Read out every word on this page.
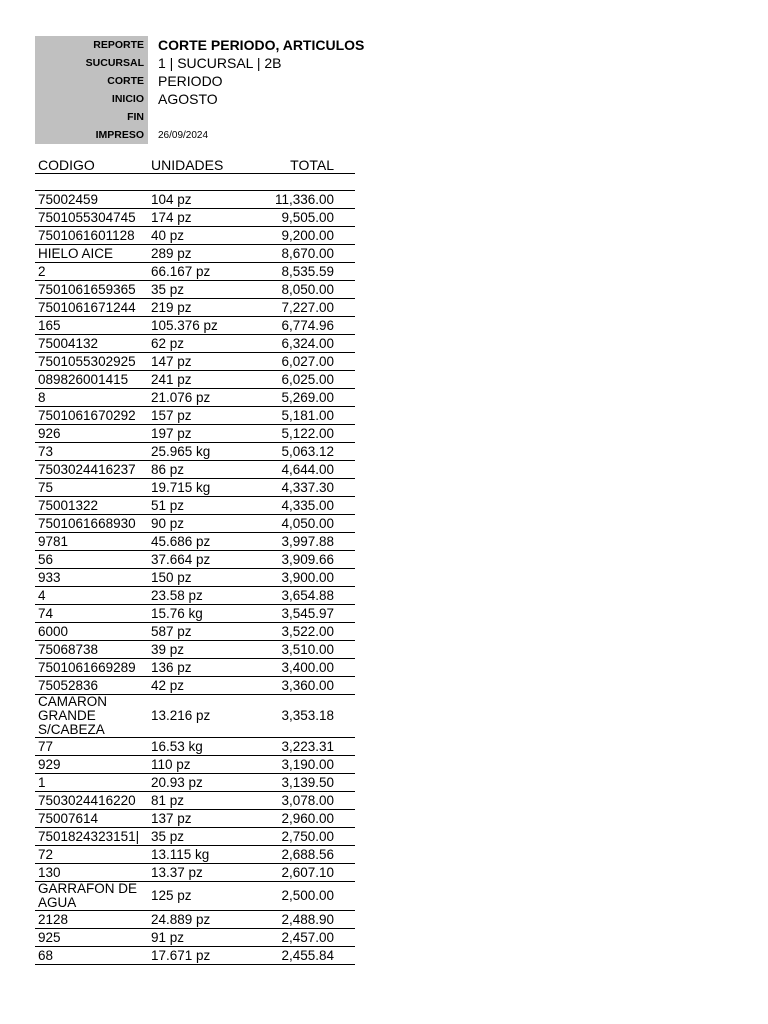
REPORTE	CORTE PERIODO, ARTICULOS
SUCURSAL	1 | SUCURSAL | 2B
CORTE	PERIODO
INICIO	AGOSTO
FIN
IMPRESO	26/09/2024
CODIGO	UNIDADES	TOTAL
75002459	104 pz	11,336.00
7501055304745	174 pz	9,505.00
7501061601128	40 pz	9,200.00
HIELO AICE	289 pz	8,670.00
2	66.167 pz	8,535.59
7501061659365	35 pz	8,050.00
7501061671244	219 pz	7,227.00
165	105.376 pz	6,774.96
75004132	62 pz	6,324.00
7501055302925	147 pz	6,027.00
089826001415	241 pz	6,025.00
8	21.076 pz	5,269.00
7501061670292	157 pz	5,181.00
926	197 pz	5,122.00
73	25.965 kg	5,063.12
7503024416237	86 pz	4,644.00
75	19.715 kg	4,337.30
75001322	51 pz	4,335.00
7501061668930	90 pz	4,050.00
9781	45.686 pz	3,997.88
56	37.664 pz	3,909.66
933	150 pz	3,900.00
4	23.58 pz	3,654.88
74	15.76 kg	3,545.97
6000	587 pz	3,522.00
75068738	39 pz	3,510.00
7501061669289	136 pz	3,400.00
75052836	42 pz	3,360.00
CAMARON
GRANDE
S/CABEZA
13.216 pz	3,353.18
77	16.53 kg	3,223.31
929	110 pz	3,190.00
1	20.93 pz	3,139.50
7503024416220	81 pz	3,078.00
75007614	137 pz	2,960.00
7501824323151| 35 pz	2,750.00
72	13.115 kg	2,688.56
130	13.37 pz	2,607.10
GARRAFON DE
AGUA	125 pz	2,500.00
2128	24.889 pz	2,488.90
925	91 pz	2,457.00
68	17.671 pz	2,455.84
